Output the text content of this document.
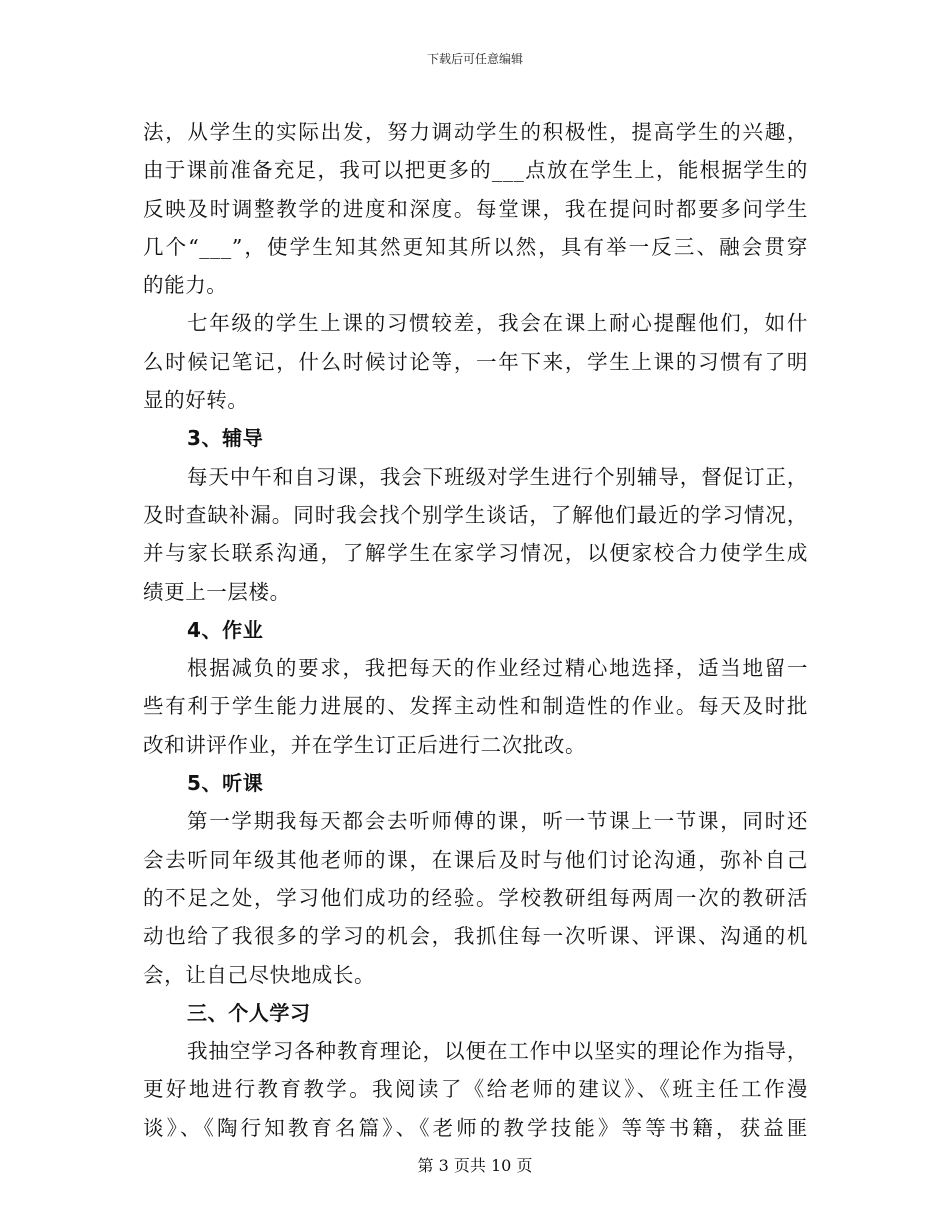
下载后可任意编辑
法，从学生的实际出发，努力调动学生的积极性，提高学生的兴趣，
由于课前准备充足，我可以把更多的___点放在学生上，能根据学生的
反映及时调整教学的进度和深度。每堂课，我在提问时都要多问学生
几个“___”，使学生知其然更知其所以然，具有举一反三、融会贯穿
的能力。
七年级的学生上课的习惯较差，我会在课上耐心提醒他们，如什
么时候记笔记，什么时候讨论等，一年下来，学生上课的习惯有了明
显的好转。
3、辅导
每天中午和自习课，我会下班级对学生进行个别辅导，督促订正，
及时查缺补漏。同时我会找个别学生谈话，了解他们最近的学习情况，
并与家长联系沟通，了解学生在家学习情况，以便家校合力使学生成
绩更上一层楼。
4、作业
根据减负的要求，我把每天的作业经过精心地选择，适当地留一
些有利于学生能力进展的、发挥主动性和制造性的作业。每天及时批
改和讲评作业，并在学生订正后进行二次批改。
5、听课
第一学期我每天都会去听师傅的课，听一节课上一节课，同时还
会去听同年级其他老师的课，在课后及时与他们讨论沟通，弥补自己
的不足之处，学习他们成功的经验。学校教研组每两周一次的教研活
动也给了我很多的学习的机会，我抓住每一次听课、评课、沟通的机
会，让自己尽快地成长。
三、个人学习
我抽空学习各种教育理论，以便在工作中以坚实的理论作为指导，
更好地进行教育教学。我阅读了《给老师的建议》、《班主任工作漫
谈》、《陶行知教育名篇》、《老师的教学技能》等等书籍，获益匪
第 3 页共 10 页
